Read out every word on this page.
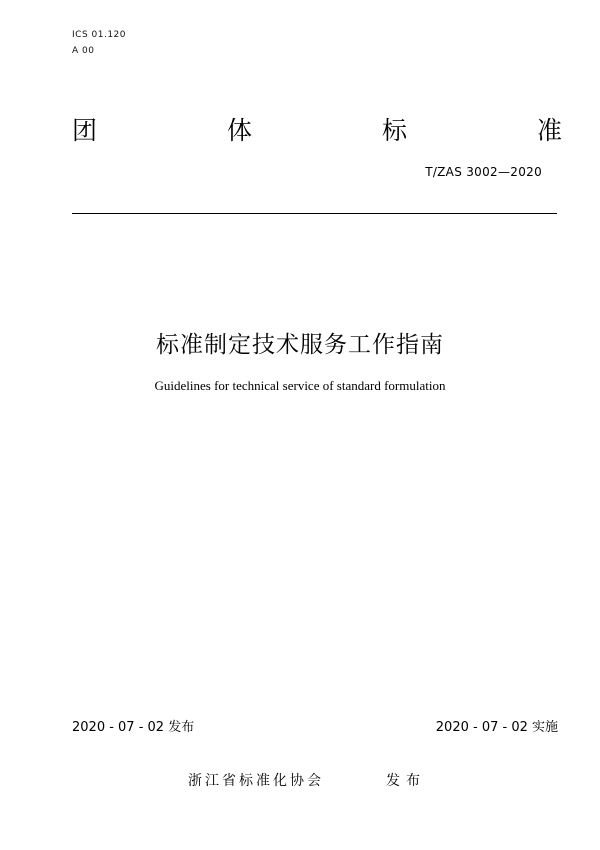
ICS 01.120
A 00
团	体	标	准
T/ZAS 3002—2020
标准制定技术服务工作指南
Guidelines for technical service of standard formulation
2020 - 07 - 02 发布	2020 - 07 - 02 实施
浙江省标准化协会	发布
